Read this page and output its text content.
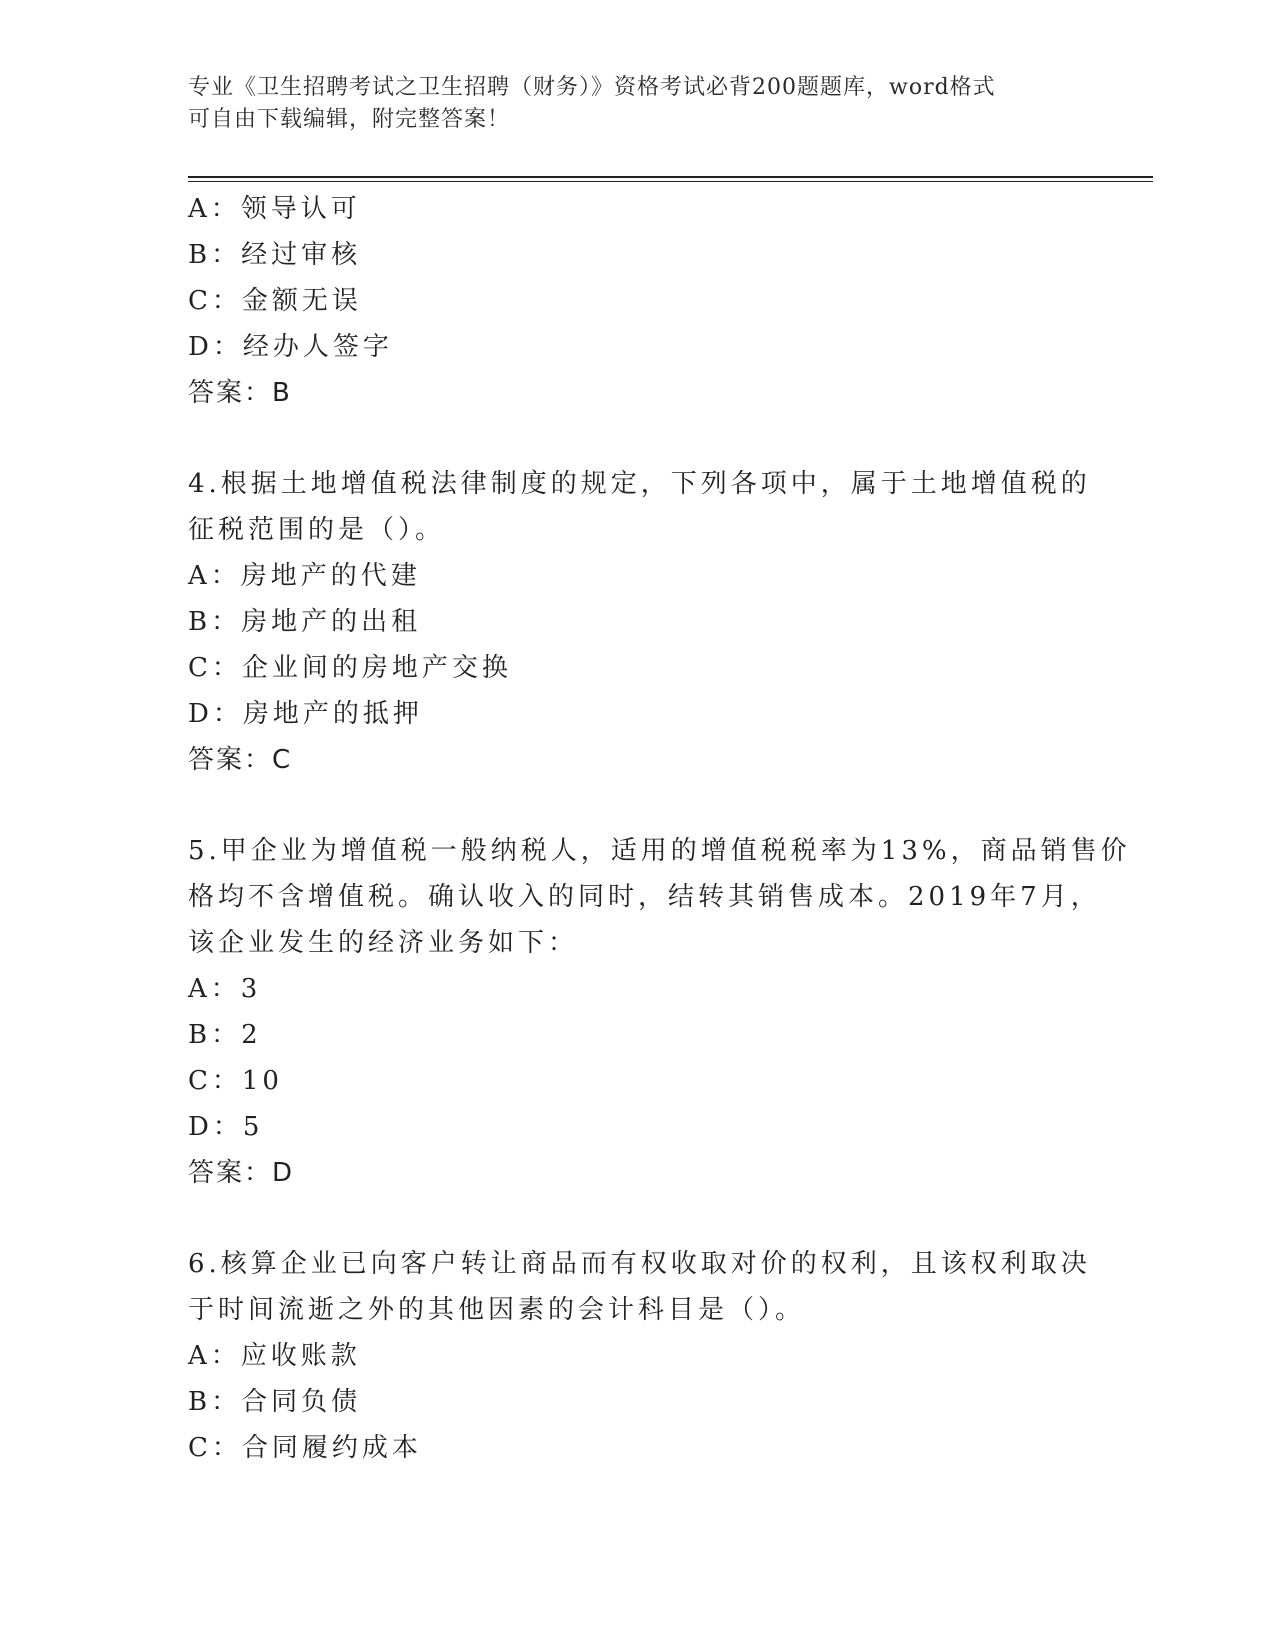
专业《卫生招聘考试之卫生招聘（财务）》资格考试必背200题题库，word格式
可自由下载编辑，附完整答案！
A：领导认可
B：经过审核
C：金额无误
D：经办人签字
答案：B
4.根据土地增值税法律制度的规定，下列各项中，属于土地增值税的
征税范围的是（）。
A：房地产的代建
B：房地产的出租
C：企业间的房地产交换
D：房地产的抵押
答案：C
5.甲企业为增值税一般纳税人，适用的增值税税率为13%，商品销售价
格均不含增值税。确认收入的同时，结转其销售成本。2019年7月，
该企业发生的经济业务如下：
A：3
B：2
C：10
D：5
答案：D
6.核算企业已向客户转让商品而有权收取对价的权利，且该权利取决
于时间流逝之外的其他因素的会计科目是（）。
A：应收账款
B：合同负债
C：合同履约成本
